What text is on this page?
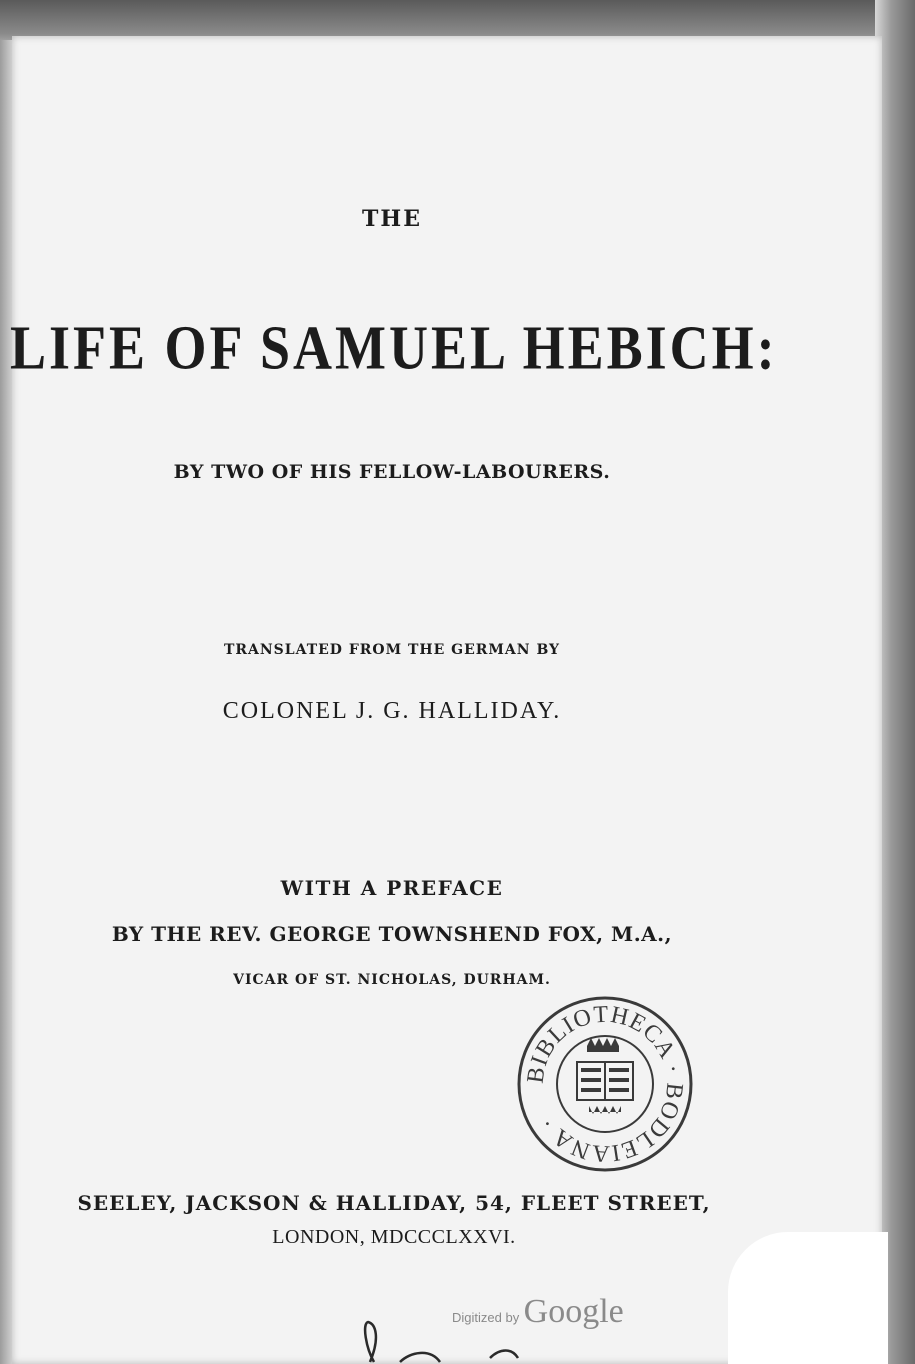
THE
LIFE OF SAMUEL HEBICH:
BY TWO OF HIS FELLOW-LABOURERS.
TRANSLATED FROM THE GERMAN BY
COLONEL J. G. HALLIDAY.
WITH A PREFACE
BY THE REV. GEORGE TOWNSHEND FOX, M.A.,
VICAR OF ST. NICHOLAS, DURHAM.
BIBLIOTHECA · BODLEIANA ·
SEELEY, JACKSON & HALLIDAY, 54, FLEET STREET,
LONDON, MDCCCLXXVI.
Digitized by Google
